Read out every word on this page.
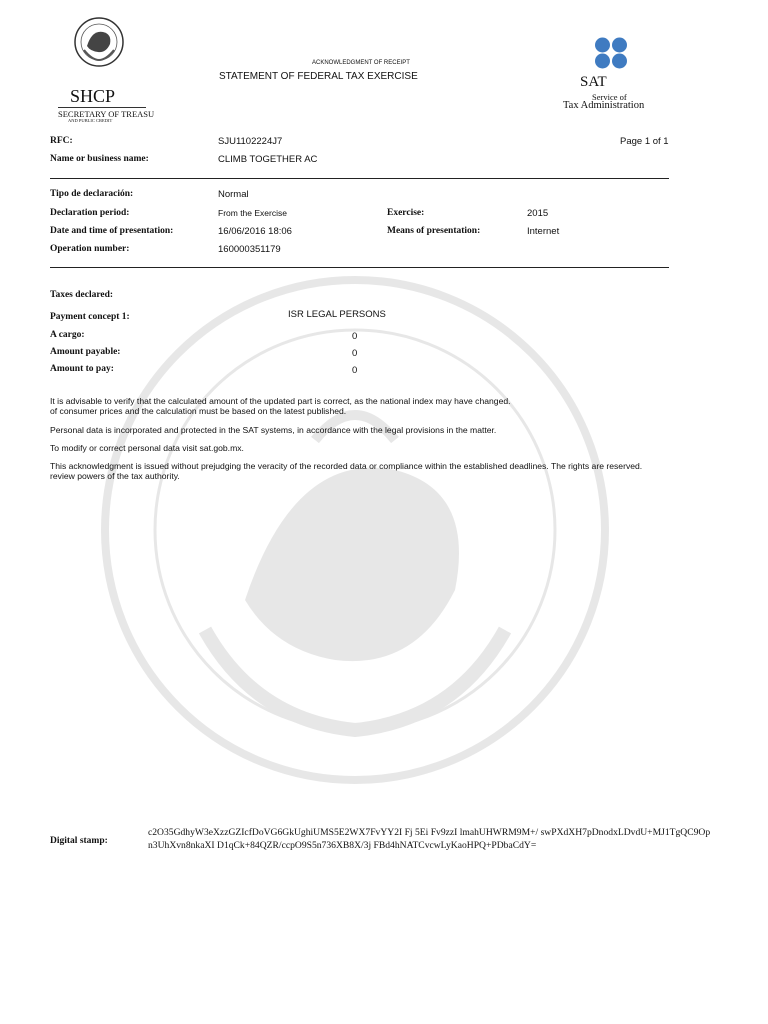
SHCP
SECRETARY OF TREASU
AND PUBLIC CREDIT
ACKNOWLEDGMENT OF RECEIPT
STATEMENT OF FEDERAL TAX EXERCISE	SAT
Service of
Tax Administration
RFC:	SJU1102224J7	Page 1 of 1
Name or business name:	CLIMB TOGETHER AC
Tipo de declaración:	Normal
Declaration period:	From the Exercise	Exercise:	2015
Date and time of presentation:	16/06/2016 18:06	Means of presentation:	Internet
Operation number:	160000351179
Taxes declared:
Payment concept 1:	ISR LEGAL PERSONS
A cargo:	0
Amount payable:	0
Amount to pay:	0
It is advisable to verify that the calculated amount of the updated part is correct, as the national index may have changed.
of consumer prices and the calculation must be based on the latest published.
Personal data is incorporated and protected in the SAT systems, in accordance with the legal provisions in the matter.
To modify or correct personal data visit sat.gob.mx.
This acknowledgment is issued without prejudging the veracity of the recorded data or compliance within the established deadlines. The rights are reserved.
review powers of the tax authority.
Digital stamp:
c2O35GdhyW3eXzzGZIcfDoVG6GkUghiUMS5E2WX7FvYY2I Fj 5Ei Fv9zzI lmahUHWRM9M+/ swPXdXH7pDnodxLDvdU+MJ1TgQC9Op
n3UhXvn8nkaXI D1qCk+84QZR/ccpO9S5n736XB8X/3j FBd4hNATCvcwLyKaoHPQ+PDbaCdY=
